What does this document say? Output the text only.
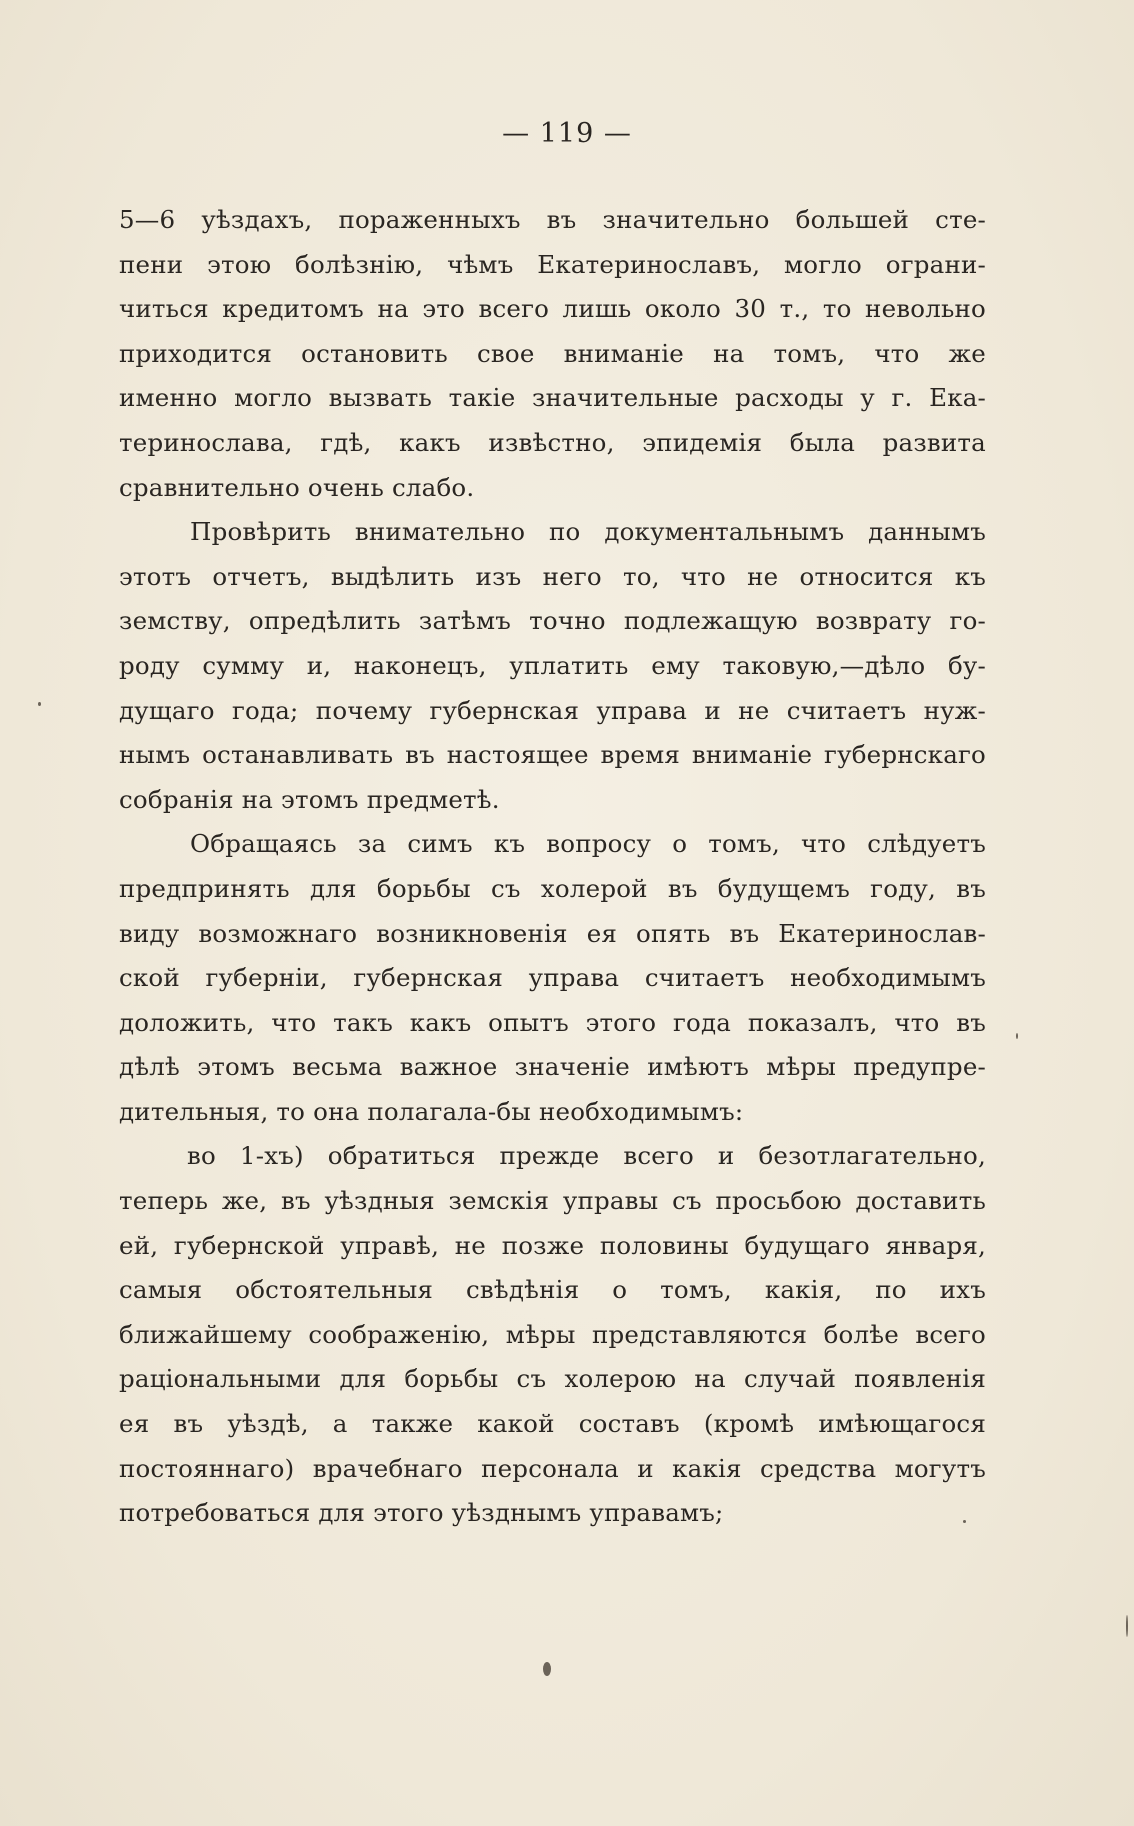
— 119 —
5—6 уѣздахъ, пораженныхъ въ значительно большей сте-
пени этою болѣзнію, чѣмъ Екатеринославъ, могло ограни-
читься кредитомъ на это всего лишь около 30 т., то невольно
приходится остановить свое вниманіе на томъ, что же
именно могло вызвать такіе значительные расходы у г. Ека-
теринослава, гдѣ, какъ извѣстно, эпидемія была развита
сравнительно очень слабо.
Провѣрить внимательно по документальнымъ даннымъ
этотъ отчетъ, выдѣлить изъ него то, что не относится къ
земству, опредѣлить затѣмъ точно подлежащую возврату го-
роду сумму и, наконецъ, уплатить ему таковую,—дѣло бу-
дущаго года; почему губернская управа и не считаетъ нуж-
нымъ останавливать въ настоящее время вниманіе губернскаго
собранія на этомъ предметѣ.
Обращаясь за симъ къ вопросу о томъ, что слѣдуетъ
предпринять для борьбы съ холерой въ будущемъ году, въ
виду возможнаго возникновенія ея опять въ Екатеринослав-
ской губерніи, губернская управа считаетъ необходимымъ
доложить, что такъ какъ опытъ этого года показалъ, что въ
дѣлѣ этомъ весьма важное значеніе имѣютъ мѣры предупре-
дительныя, то она полагала-бы необходимымъ:
во 1-хъ) обратиться прежде всего и безотлагательно,
теперь же, въ уѣздныя земскія управы съ просьбою доставить
ей, губернской управѣ, не позже половины будущаго января,
самыя обстоятельныя свѣдѣнія о томъ, какія, по ихъ
ближайшему соображенію, мѣры представляются болѣе всего
раціональными для борьбы съ холерою на случай появленія
ея въ уѣздѣ, а также какой составъ (кромѣ имѣющагося
постояннаго) врачебнаго персонала и какія средства могутъ
потребоваться для этого уѣзднымъ управамъ;
